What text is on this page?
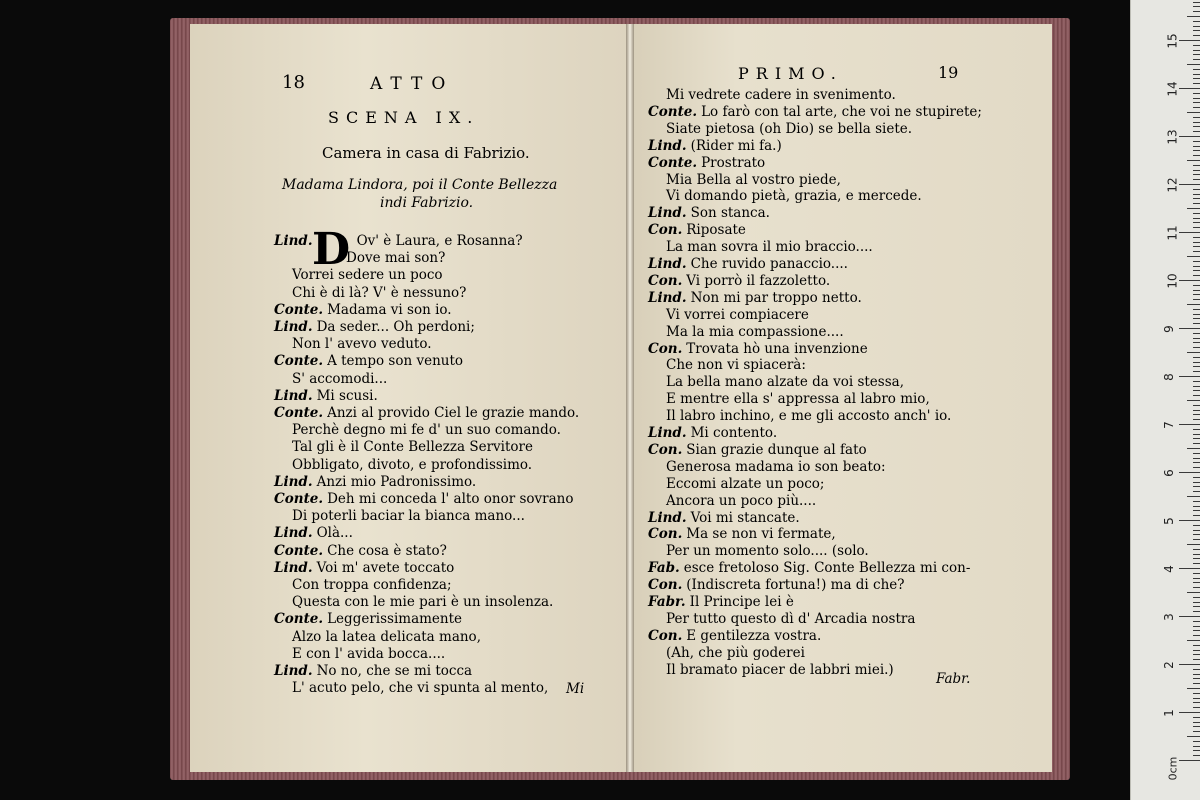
18	ATTO
SCENA IX.
Camera in casa di Fabrizio.
Madama Lindora, poi il Conte Bellezza
indi Fabrizio.
D
Lind.	Ov' è Laura, e Rosanna?
Dove mai son?
Vorrei sedere un poco
Chi è di là? V' è nessuno?
Conte. Madama vi son io.
Lind. Da seder... Oh perdoni;
Non l' avevo veduto.
Conte. A tempo son venuto
S' accomodi...
Lind. Mi scusi.
Conte. Anzi al provido Ciel le grazie mando.
Perchè degno mi fe d' un suo comando.
Tal gli è il Conte Bellezza Servitore
Obbligato, divoto, e profondissimo.
Lind. Anzi mio Padronissimo.
Conte. Deh mi conceda l' alto onor sovrano
Di poterli baciar la bianca mano...
Lind. Olà...
Conte. Che cosa è stato?
Lind. Voi m' avete toccato
Con troppa confidenza;
Questa con le mie pari è un insolenza.
Conte. Leggerissimamente
Alzo la latea delicata mano,
E con l' avida bocca....
Lind. No no, che se mi tocca
L' acuto pelo, che vi spunta al mento, Mi
PRIMO.	19
Mi vedrete cadere in svenimento.
Conte. Lo farò con tal arte, che voi ne stupirete;
Siate pietosa (oh Dio) se bella siete.
Lind. (Rider mi fa.)
Conte. Prostrato
Mia Bella al vostro piede,
Vi domando pietà, grazia, e mercede.
Lind. Son stanca.
Con. Riposate
La man sovra il mio braccio....
Lind. Che ruvido panaccio....
Con. Vi porrò il fazzoletto.
Lind. Non mi par troppo netto.
Vi vorrei compiacere
Ma la mia compassione....
Con. Trovata hò una invenzione
Che non vi spiacerà:
La bella mano alzate da voi stessa,
E mentre ella s' appressa al labro mio,
Il labro inchino, e me gli accosto anch' io.
Lind. Mi contento.
Con. Sian grazie dunque al fato
Generosa madama io son beato:
Eccomi alzate un poco;
Ancora un poco più....
Lind. Voi mi stancate.
Con. Ma se non vi fermate,
Per un momento solo.... (solo.
Fab. esce fretoloso Sig. Conte Bellezza mi con-
Con. (Indiscreta fortuna!) ma di che?
Fabr. Il Principe lei è
Per tutto questo dì d' Arcadia nostra
Con. E gentilezza vostra.
(Ah, che più goderei
Il bramato piacer de labbri miei.)
Fabr.
1
2
3
4
5
6
7
8
9
10
11
12
13
14
15
0cm
